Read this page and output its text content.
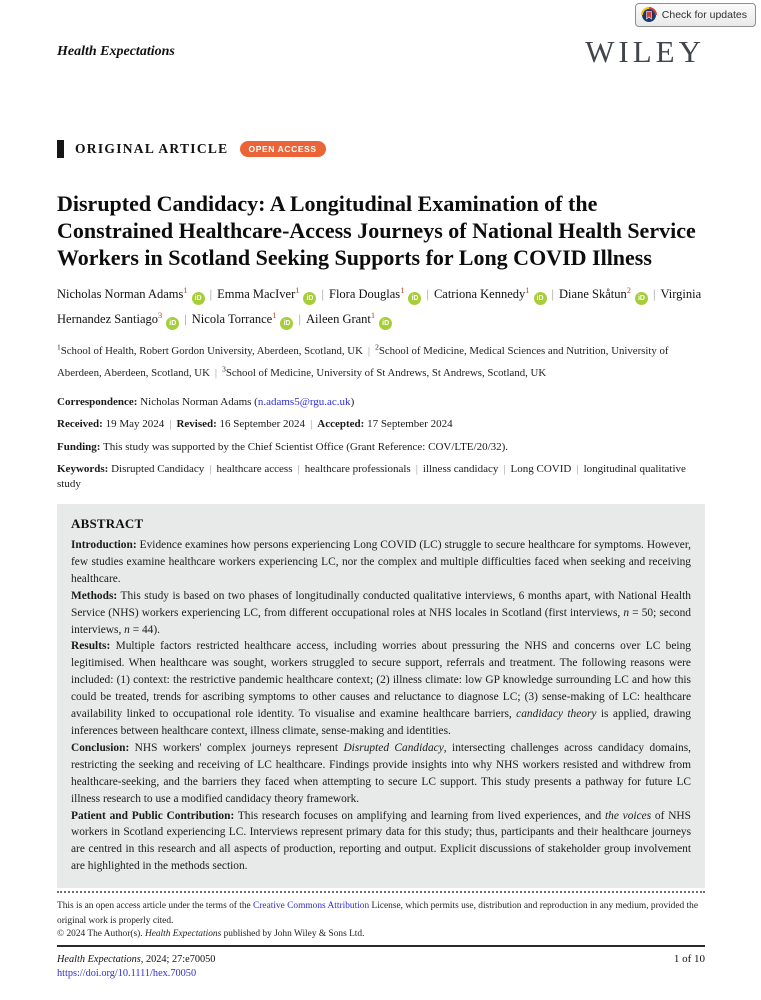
Check for updates
Health Expectations	WILEY
ORIGINAL ARTICLE	OPEN ACCESS
Disrupted Candidacy: A Longitudinal Examination of the Constrained Healthcare-Access Journeys of National Health Service Workers in Scotland Seeking Supports for Long COVID Illness
Nicholas Norman Adams$^1$iD | Emma MacIver$^1$iD | Flora Douglas$^1$iD | Catriona Kennedy$^1$iD | Diane Skåtun$^2$iD | Virginia Hernandez Santiago$^3$iD | Nicola Torrance$^1$iD | Aileen Grant$^1$iD
$^1$School of Health, Robert Gordon University, Aberdeen, Scotland, UK | $^2$School of Medicine, Medical Sciences and Nutrition, University of Aberdeen, Aberdeen, Scotland, UK | $^3$School of Medicine, University of St Andrews, St Andrews, Scotland, UK
Correspondence: Nicholas Norman Adams (n.adams5@rgu.ac.uk)
Received: 19 May 2024 | Revised: 16 September 2024 | Accepted: 17 September 2024
Funding: This study was supported by the Chief Scientist Office (Grant Reference: COV/LTE/20/32).
Keywords: Disrupted Candidacy | healthcare access | healthcare professionals | illness candidacy | Long COVID | longitudinal qualitative study
ABSTRACT

Introduction: Evidence examines how persons experiencing Long COVID (LC) struggle to secure healthcare for symptoms. However, few studies examine healthcare workers experiencing LC, nor the complex and multiple difficulties faced when seeking and receiving healthcare.

Methods: This study is based on two phases of longitudinally conducted qualitative interviews, 6 months apart, with National Health Service (NHS) workers experiencing LC, from different occupational roles at NHS locales in Scotland (first interviews, n = 50; second interviews, n = 44).

Results: Multiple factors restricted healthcare access, including worries about pressuring the NHS and concerns over LC being legitimised. When healthcare was sought, workers struggled to secure support, referrals and treatment. The following reasons were included: (1) context: the restrictive pandemic healthcare context; (2) illness climate: low GP knowledge surrounding LC and how this could be treated, trends for ascribing symptoms to other causes and reluctance to diagnose LC; (3) sense-making of LC: healthcare availability linked to occupational role identity. To visualise and examine healthcare barriers, candidacy theory is applied, drawing inferences between healthcare context, illness climate, sense-making and identities.

Conclusion: NHS workers' complex journeys represent Disrupted Candidacy, intersecting challenges across candidacy domains, restricting the seeking and receiving of LC healthcare. Findings provide insights into why NHS workers resisted and withdrew from healthcare-seeking, and the barriers they faced when attempting to secure LC support. This study presents a pathway for future LC illness research to use a modified candidacy theory framework.

Patient and Public Contribution: This research focuses on amplifying and learning from lived experiences, and the voices of NHS workers in Scotland experiencing LC. Interviews represent primary data for this study; thus, participants and their healthcare journeys are centred in this research and all aspects of production, reporting and output. Explicit discussions of stakeholder group involvement are highlighted in the methods section.

This is an open access article under the terms of the Creative Commons Attribution License, which permits use, distribution and reproduction in any medium, provided the original work is properly cited.
© 2024 The Author(s). Health Expectations published by John Wiley & Sons Ltd.
Health Expectations, 2024; 27:e70050
https://doi.org/10.1111/hex.70050
1 of 10
